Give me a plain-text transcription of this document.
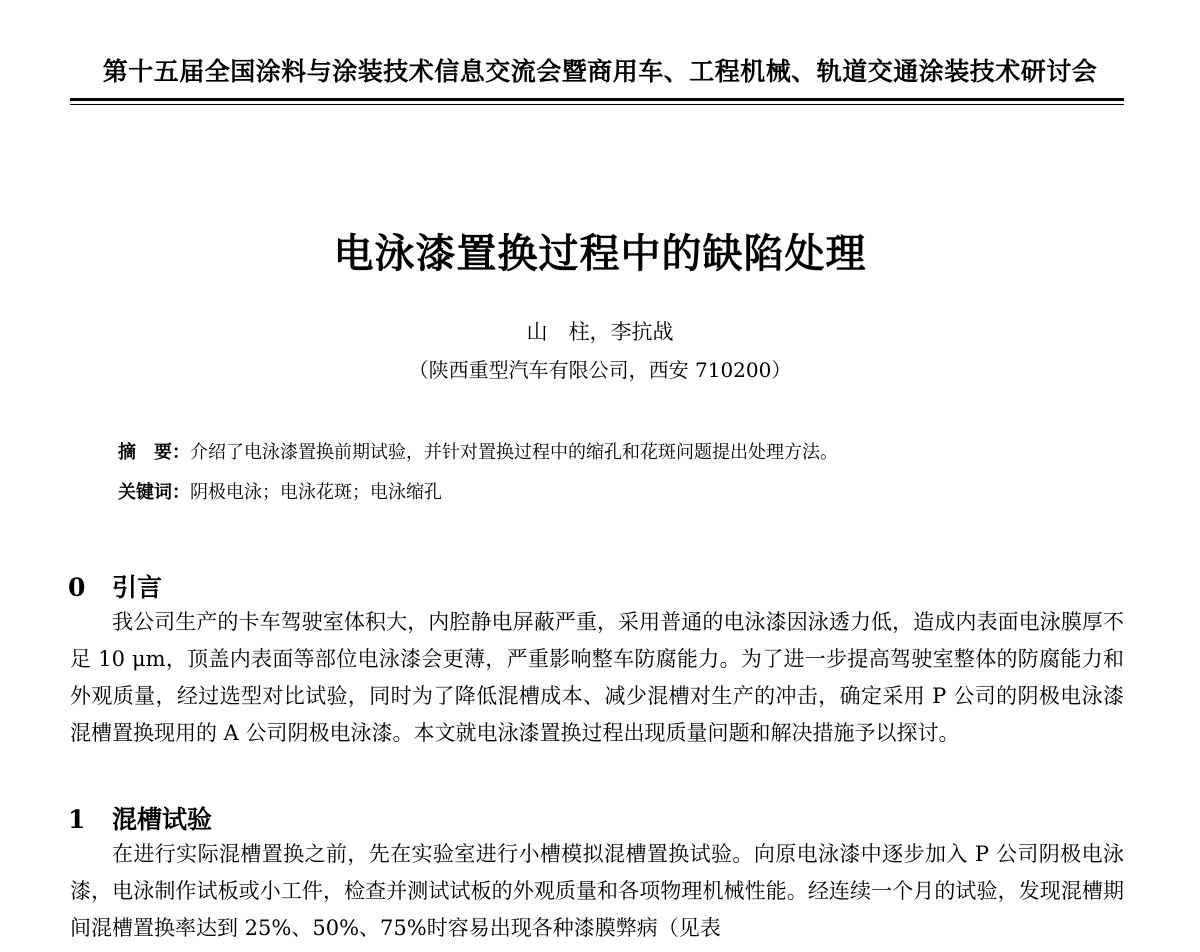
第十五届全国涂料与涂装技术信息交流会暨商用车、工程机械、轨道交通涂装技术研讨会
电泳漆置换过程中的缺陷处理
山　柱，李抗战
（陕西重型汽车有限公司，西安 710200）
摘　要：介绍了电泳漆置换前期试验，并针对置换过程中的缩孔和花斑问题提出处理方法。
关键词：阴极电泳；电泳花斑；电泳缩孔
0 引言
我公司生产的卡车驾驶室体积大，内腔静电屏蔽严重，采用普通的电泳漆因泳透力低，造成内表面电泳膜厚不足 10 μm，顶盖内表面等部位电泳漆会更薄，严重影响整车防腐能力。为了进一步提高驾驶室整体的防腐能力和外观质量，经过选型对比试验，同时为了降低混槽成本、减少混槽对生产的冲击，确定采用 P 公司的阴极电泳漆混槽置换现用的 A 公司阴极电泳漆。本文就电泳漆置换过程出现质量问题和解决措施予以探讨。
1 混槽试验
在进行实际混槽置换之前，先在实验室进行小槽模拟混槽置换试验。向原电泳漆中逐步加入 P 公司阴极电泳漆，电泳制作试板或小工件，检查并测试试板的外观质量和各项物理机械性能。经连续一个月的试验，发现混槽期间混槽置换率达到 25%、50%、75%时容易出现各种漆膜弊病（见表
